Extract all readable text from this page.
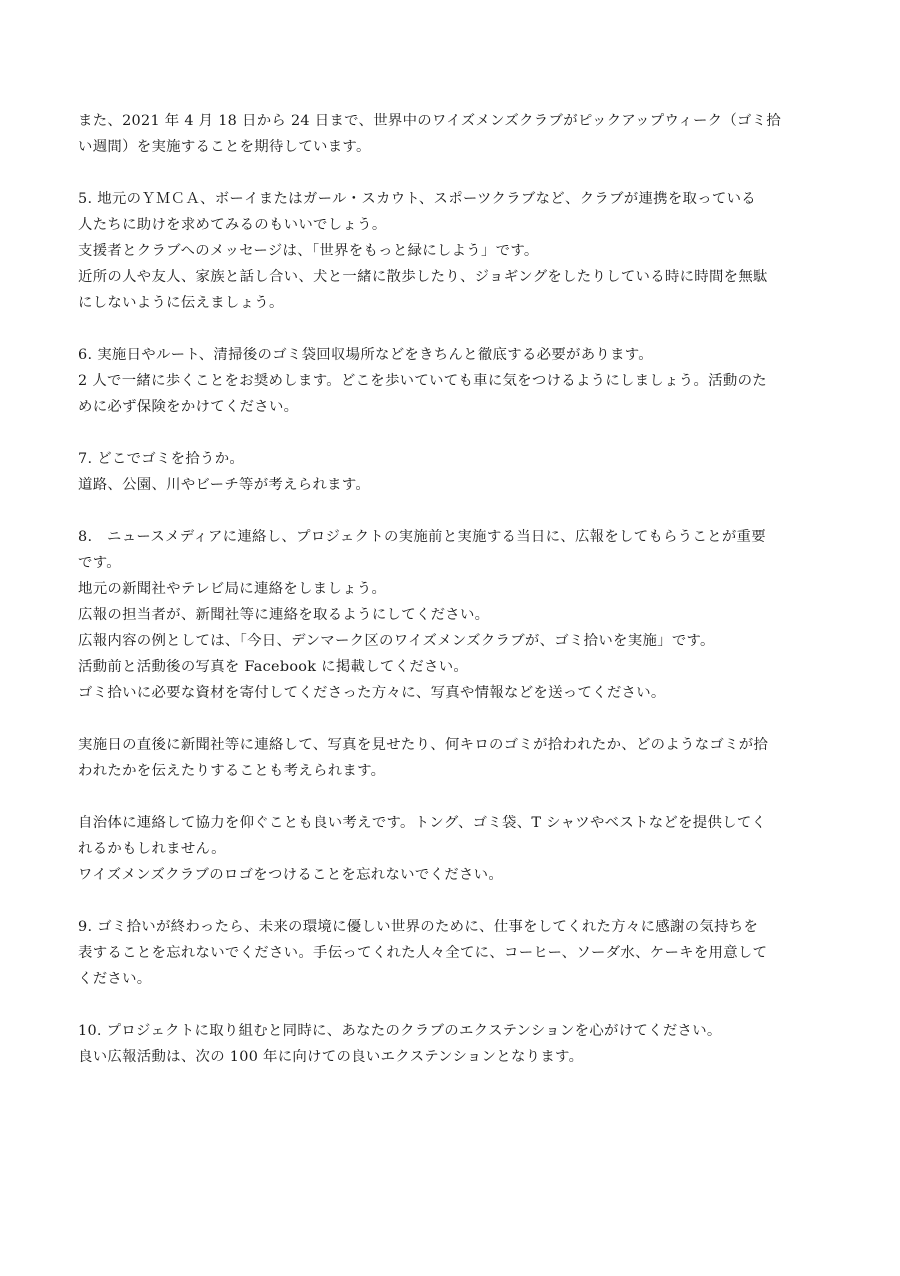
また、2021 年 4 月 18 日から 24 日まで、世界中のワイズメンズクラブがピックアップウィーク（ゴミ拾
い週間）を実施することを期待しています。

5. 地元のＹＭＣＡ、ボーイまたはガール・スカウト、スポーツクラブなど、クラブが連携を取っている
人たちに助けを求めてみるのもいいでしょう。
支援者とクラブへのメッセージは、「世界をもっと緑にしよう」です。
近所の人や友人、家族と話し合い、犬と一緒に散歩したり、ジョギングをしたりしている時に時間を無駄
にしないように伝えましょう。

6. 実施日やルート、清掃後のゴミ袋回収場所などをきちんと徹底する必要があります。
2 人で一緒に歩くことをお奨めします。どこを歩いていても車に気をつけるようにしましょう。活動のた
めに必ず保険をかけてください。

7. どこでゴミを拾うか。
道路、公園、川やビーチ等が考えられます。

8.　ニュースメディアに連絡し、プロジェクトの実施前と実施する当日に、広報をしてもらうことが重要
です。
地元の新聞社やテレビ局に連絡をしましょう。
広報の担当者が、新聞社等に連絡を取るようにしてください。
広報内容の例としては、「今日、デンマーク区のワイズメンズクラブが、ゴミ拾いを実施」です。
活動前と活動後の写真を Facebook に掲載してください。
ゴミ拾いに必要な資材を寄付してくださった方々に、写真や情報などを送ってください。

実施日の直後に新聞社等に連絡して、写真を見せたり、何キロのゴミが拾われたか、どのようなゴミが拾
われたかを伝えたりすることも考えられます。

自治体に連絡して協力を仰ぐことも良い考えです。トング、ゴミ袋、T シャツやベストなどを提供してく
れるかもしれません。
ワイズメンズクラブのロゴをつけることを忘れないでください。

9. ゴミ拾いが終わったら、未来の環境に優しい世界のために、仕事をしてくれた方々に感謝の気持ちを
表することを忘れないでください。手伝ってくれた人々全てに、コーヒー、ソーダ水、ケーキを用意して
ください。

10. プロジェクトに取り組むと同時に、あなたのクラブのエクステンションを心がけてください。
良い広報活動は、次の 100 年に向けての良いエクステンションとなります。
